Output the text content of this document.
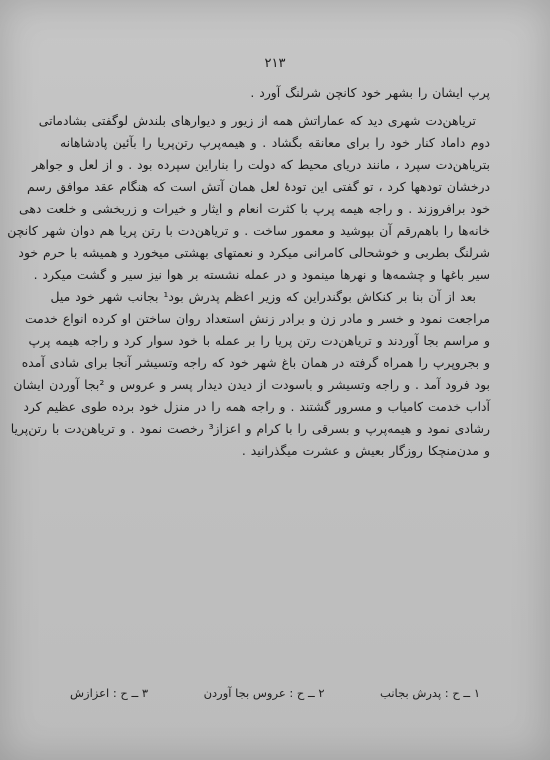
۲۱۳
پرپ ایشان را بشهر خود کانچن شرلنگ آورد .
تریاهن‌دت شهری دید که عماراتش همه از زیور و دیوارهای بلندش لوگفتی بشادماتی
دوم داماد کنار خود را برای معانقه بگشاد . و هیمه‌پرپ رتن‌پریا را بآئین پادشاهانه
بتریاهن‌دت سپرد ، مانند دریای محیط که دولت را بناراین سپرده بود . و از لعل و جواهر
درخشان تودهها کرد ، تو گفتی این تودۀ لعل همان آتش است که هنگام عقد موافق رسم
خود برافروزند . و راجه هیمه پرپ با کثرت انعام و ایثار و خیرات و زربخشی و خلعت دهی
خانه‌ها را باهم‌رقم آن بپوشید و معمور ساخت . و تریاهن‌دت با رتن پریا هم دوان شهر کانچن
شرلنگ بطربی و خوشحالی کامرانی میکرد و نعمتهای بهشتی میخورد و همیشه با حرم خود
سیر باغها و چشمه‌ها و نهرها مینمود و در عمله نشسته بر هوا نیز سیر و گشت میکرد .
بعد از آن بنا بر کنکاش بوگندراین که وزیر اعظم پدرش بود¹ بجانب شهر خود میل
مراجعت نمود و خسر و مادر زن و برادر زنش استعداد روان ساختن او کرده انواع خدمت
و مراسم بجا آوردند و تریاهن‌دت رتن پریا را بر عمله با خود سوار کرد و راجه هیمه پرپ
و بجروپرپ را همراه گرفته در همان باغ شهر خود که راجه وتسیشر آنجا برای شادی آمده
بود فرود آمد . و راجه وتسیشر و باسودت از دیدن دیدار پسر و عروس و ²بجا آوردن ایشان
آداب خدمت کامیاب و مسرور گشتند . و راجه همه را در منزل خود برده طوی عظیم کرد
رشادی نمود و هیمه‌پرپ و بسرقی را با کرام و اعزاز³ رخصت نمود . و تریاهن‌دت با رتن‌پریا
و مدن‌منچکا روزگار بعیش و عشرت میگذرانید .
۱ ــ ح : پدرش بجانب
۲ ــ ح : عروس بجا آوردن
۳ ــ ح : اعزازش
